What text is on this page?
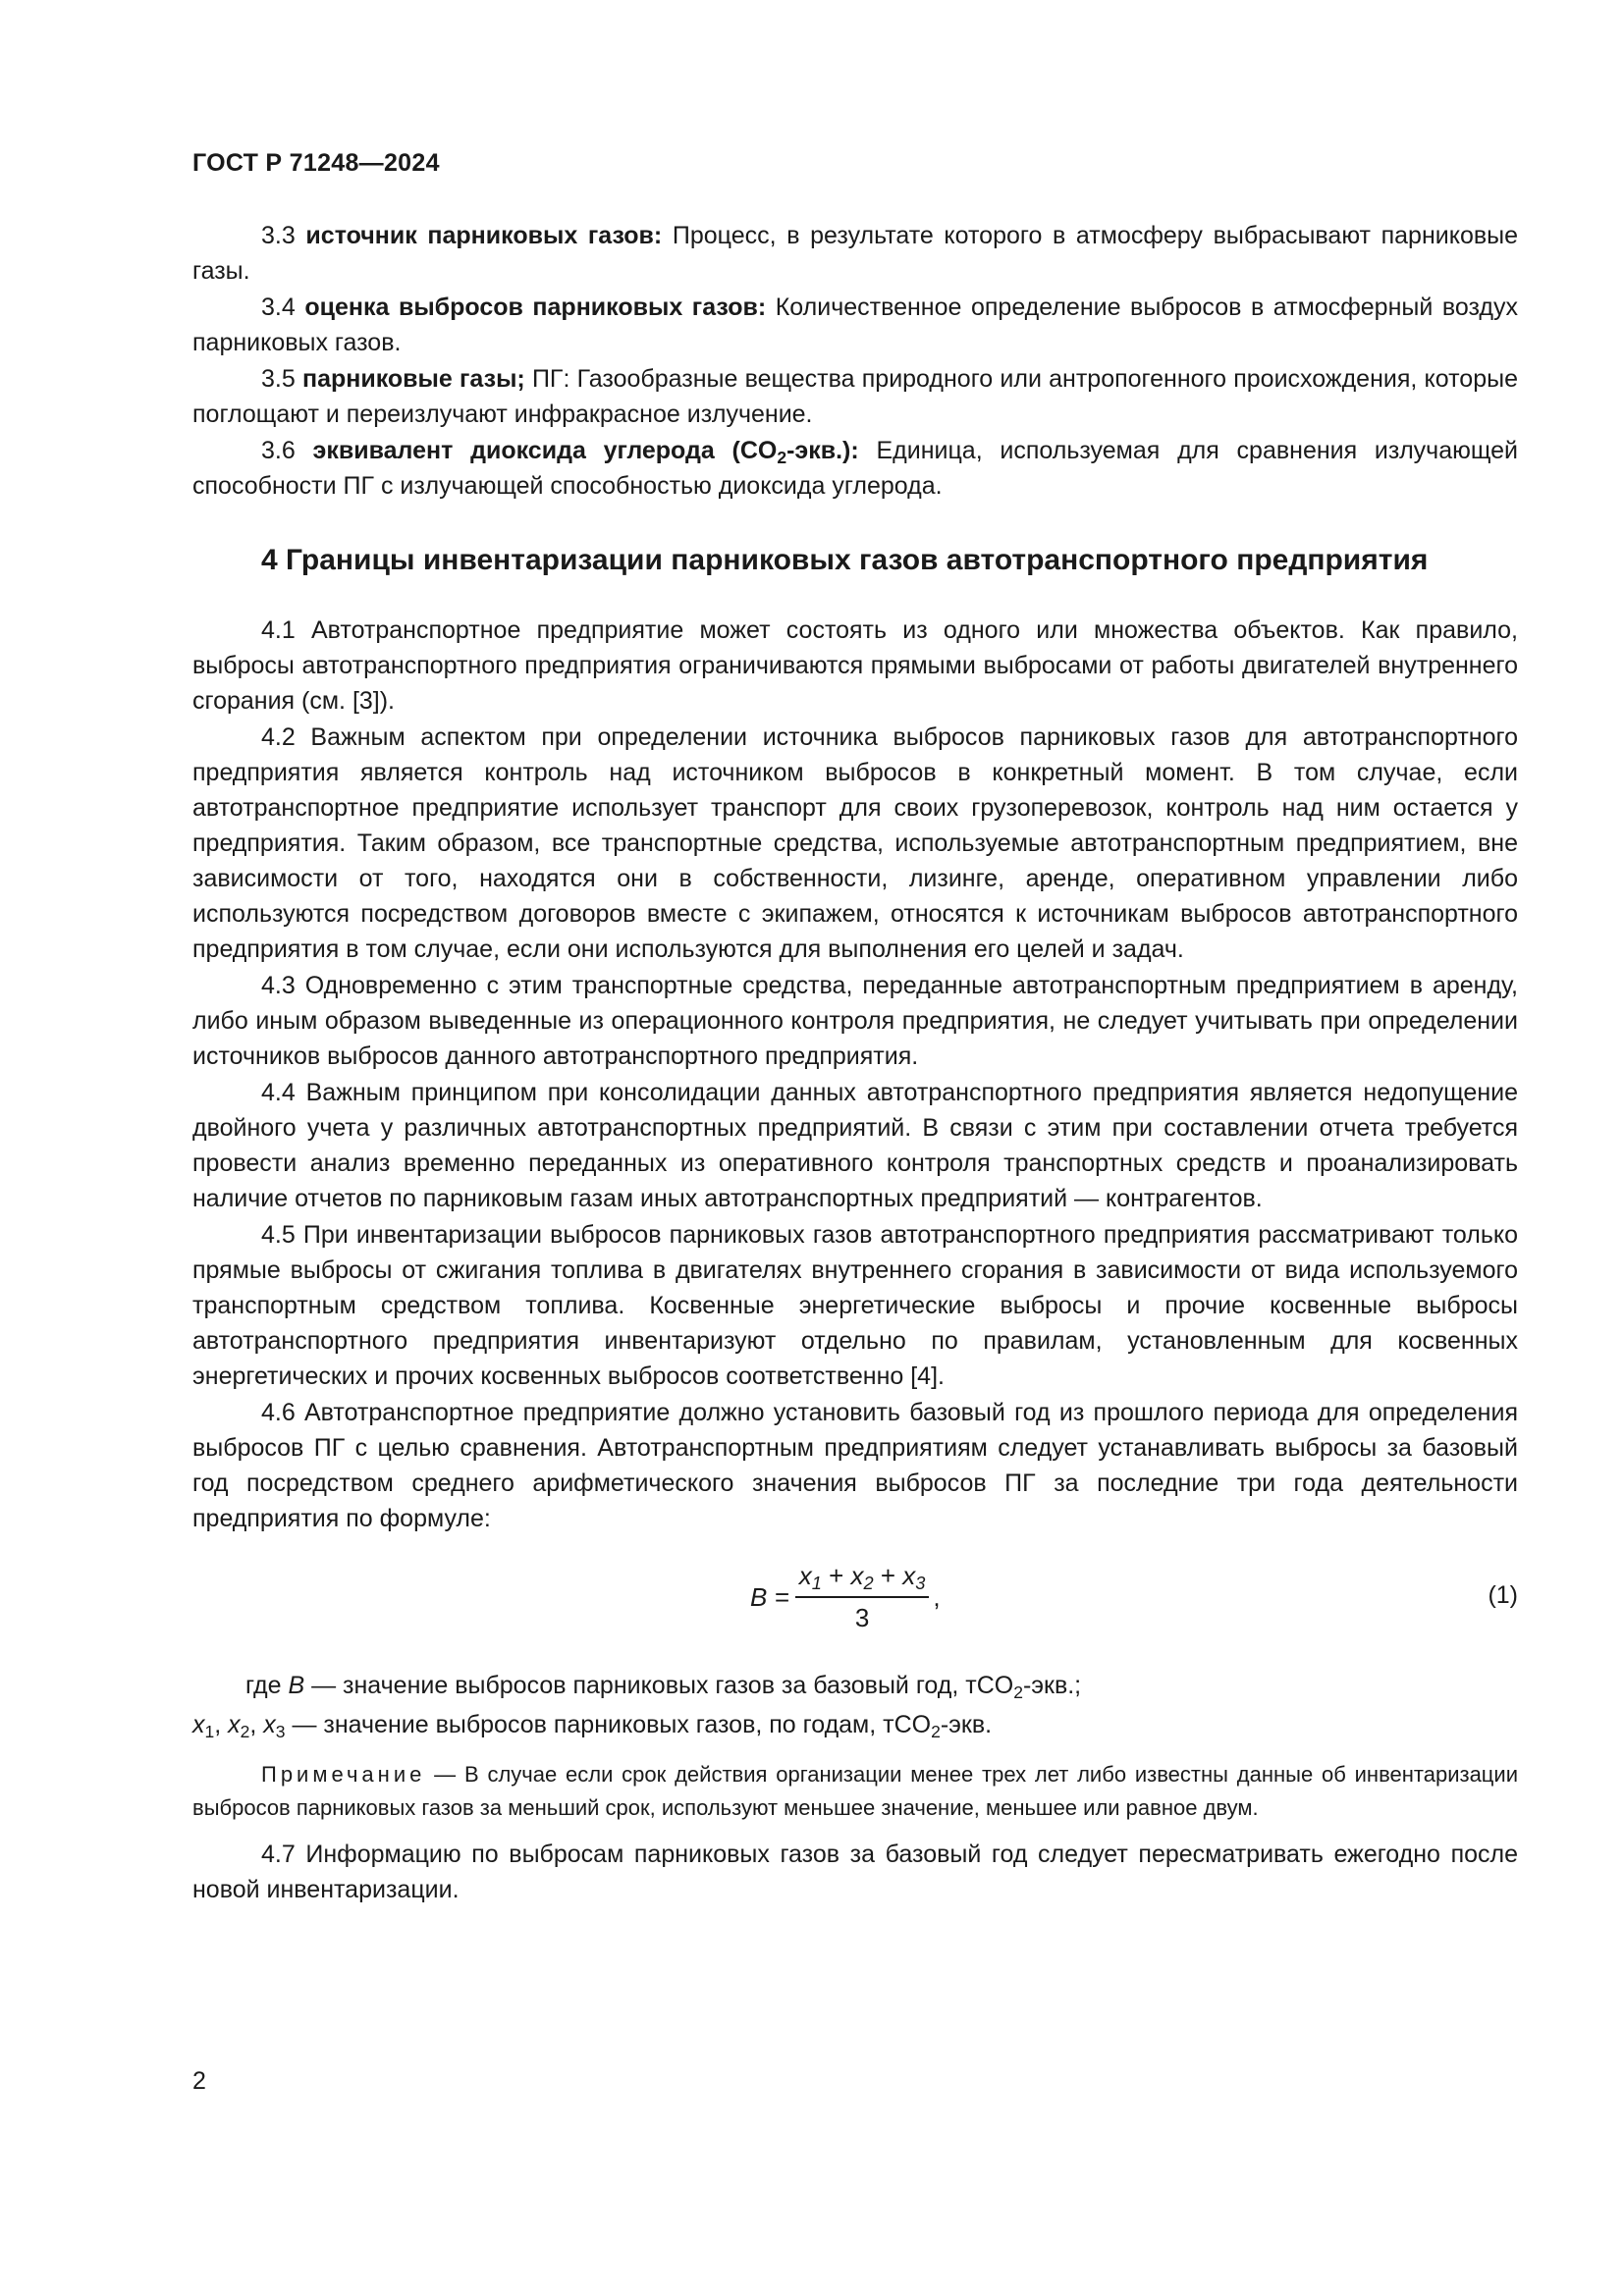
ГОСТ Р 71248—2024

3.3 источник парниковых газов: Процесс, в результате которого в атмосферу выбрасывают парниковые газы.

3.4 оценка выбросов парниковых газов: Количественное определение выбросов в атмосферный воздух парниковых газов.

3.5 парниковые газы; ПГ: Газообразные вещества природного или антропогенного происхождения, которые поглощают и переизлучают инфракрасное излучение.

3.6 эквивалент диоксида углерода $(CO_2-экв.)$: Единица, используемая для сравнения излучающей способности ПГ с излучающей способностью диоксида углерода.

4 Границы инвентаризации парниковых газов автотранспортного предприятия

4.1 Автотранспортное предприятие может состоять из одного или множества объектов. Как правило, выбросы автотранспортного предприятия ограничиваются прямыми выбросами от работы двигателей внутреннего сгорания (см. [3]).

4.2 Важным аспектом при определении источника выбросов парниковых газов для автотранспортного предприятия является контроль над источником выбросов в конкретный момент. В том случае, если автотранспортное предприятие использует транспорт для своих грузоперевозок, контроль над ним остается у предприятия. Таким образом, все транспортные средства, используемые автотранспортным предприятием, вне зависимости от того, находятся они в собственности, лизинге, аренде, оперативном управлении либо используются посредством договоров вместе с экипажем, относятся к источникам выбросов автотранспортного предприятия в том случае, если они используются для выполнения его целей и задач.

4.3 Одновременно с этим транспортные средства, переданные автотранспортным предприятием в аренду, либо иным образом выведенные из операционного контроля предприятия, не следует учитывать при определении источников выбросов данного автотранспортного предприятия.

4.4 Важным принципом при консолидации данных автотранспортного предприятия является недопущение двойного учета у различных автотранспортных предприятий. В связи с этим при составлении отчета требуется провести анализ временно переданных из оперативного контроля транспортных средств и проанализировать наличие отчетов по парниковым газам иных автотранспортных предприятий — контрагентов.

4.5 При инвентаризации выбросов парниковых газов автотранспортного предприятия рассматривают только прямые выбросы от сжигания топлива в двигателях внутреннего сгорания в зависимости от вида используемого транспортным средством топлива. Косвенные энергетические выбросы и прочие косвенные выбросы автотранспортного предприятия инвентаризуют отдельно по правилам, установленным для косвенных энергетических и прочих косвенных выбросов соответственно [4].

4.6 Автотранспортное предприятие должно установить базовый год из прошлого периода для определения выбросов ПГ с целью сравнения. Автотранспортным предприятиям следует устанавливать выбросы за базовый год посредством среднего арифметического значения выбросов ПГ за последние три года деятельности предприятия по формуле:

$B = \frac{x_1 + x_2 + x_3}{3}$ ,	(1)
где B — значение выбросов парниковых газов за базовый год, тCO$_2$-экв.;
$x_1$, $x_2$, $x_3$ — значение выбросов парниковых газов, по годам, тCO$_2$-экв.

Примечание — В случае если срок действия организации менее трех лет либо известны данные об инвентаризации выбросов парниковых газов за меньший срок, используют меньшее значение, меньшее или равное двум.

4.7 Информацию по выбросам парниковых газов за базовый год следует пересматривать ежегодно после новой инвентаризации.

2
